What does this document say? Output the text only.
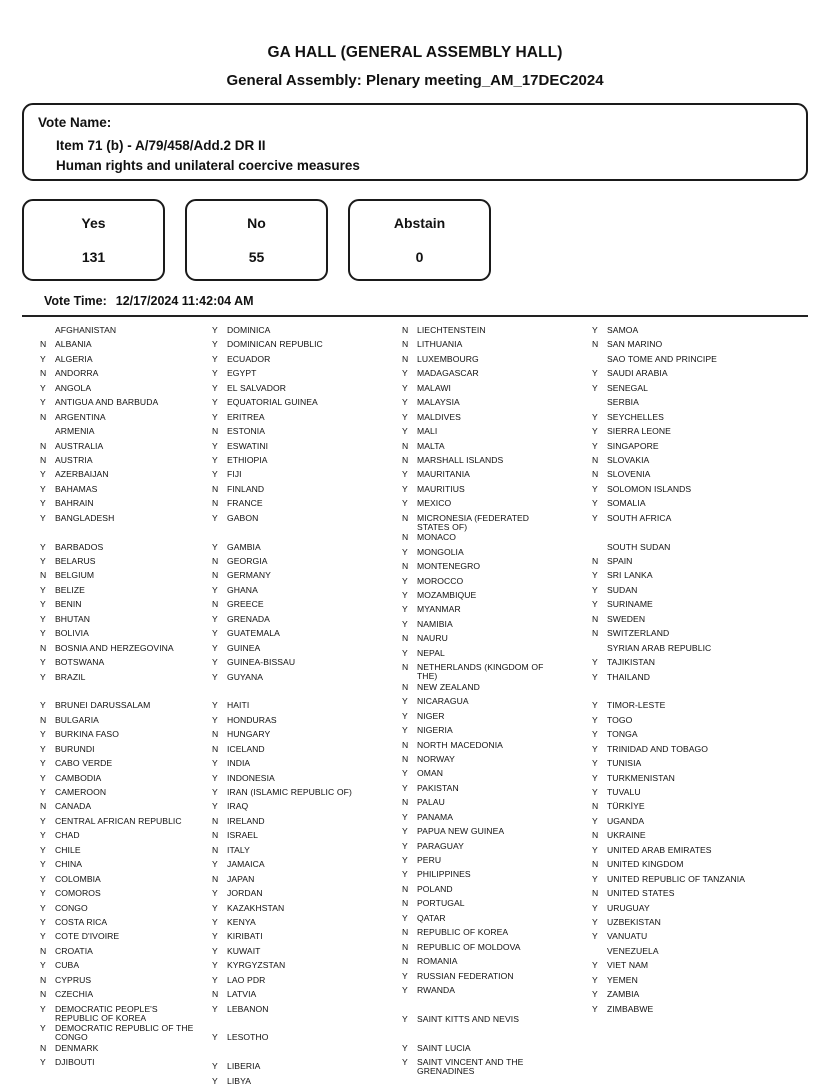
GA HALL (GENERAL ASSEMBLY HALL)
General Assembly: Plenary meeting_AM_17DEC2024
Vote Name:
Item 71 (b) - A/79/458/Add.2 DR II
Human rights and unilateral coercive measures
Yes
131
No
55
Abstain
0
Vote Time: 12/17/2024 11:42:04 AM
AFGHANISTAN
N	ALBANIA
Y	ALGERIA
N	ANDORRA
Y	ANGOLA
Y	ANTIGUA AND BARBUDA
N	ARGENTINA
ARMENIA
N	AUSTRALIA
N	AUSTRIA
Y	AZERBAIJAN
Y	BAHAMAS
Y	BAHRAIN
Y	BANGLADESH
Y	BARBADOS
Y	BELARUS
N	BELGIUM
Y	BELIZE
Y	BENIN
Y	BHUTAN
Y	BOLIVIA
N	BOSNIA AND HERZEGOVINA
Y	BOTSWANA
Y	BRAZIL
Y	BRUNEI DARUSSALAM
N	BULGARIA
Y	BURKINA FASO
Y	BURUNDI
Y	CABO VERDE
Y	CAMBODIA
Y	CAMEROON
N	CANADA
Y	CENTRAL AFRICAN REPUBLIC
Y	CHAD
Y	CHILE
Y	CHINA
Y	COLOMBIA
Y	COMOROS
Y	CONGO
Y	COSTA RICA
Y	COTE D'IVOIRE
N	CROATIA
Y	CUBA
N	CYPRUS
N	CZECHIA
Y	DEMOCRATIC PEOPLE'S
REPUBLIC OF KOREA
Y	DEMOCRATIC REPUBLIC OF THE
CONGO
N	DENMARK
Y	DJIBOUTI
Y	DOMINICA
Y	DOMINICAN REPUBLIC
Y	ECUADOR
Y	EGYPT
Y	EL SALVADOR
Y	EQUATORIAL GUINEA
Y	ERITREA
N	ESTONIA
Y	ESWATINI
Y	ETHIOPIA
Y	FIJI
N	FINLAND
N	FRANCE
Y	GABON
Y	GAMBIA
N	GEORGIA
N	GERMANY
Y	GHANA
N	GREECE
Y	GRENADA
Y	GUATEMALA
Y	GUINEA
Y	GUINEA-BISSAU
Y	GUYANA
Y	HAITI
Y	HONDURAS
N	HUNGARY
N	ICELAND
Y	INDIA
Y	INDONESIA
Y	IRAN (ISLAMIC REPUBLIC OF)
Y	IRAQ
N	IRELAND
N	ISRAEL
N	ITALY
Y	JAMAICA
N	JAPAN
Y	JORDAN
Y	KAZAKHSTAN
Y	KENYA
Y	KIRIBATI
Y	KUWAIT
Y	KYRGYZSTAN
Y	LAO PDR
N	LATVIA
Y	LEBANON
Y	LESOTHO
Y	LIBERIA
Y	LIBYA
N	LIECHTENSTEIN
N	LITHUANIA
N	LUXEMBOURG
Y	MADAGASCAR
Y	MALAWI
Y	MALAYSIA
Y	MALDIVES
Y	MALI
N	MALTA
N	MARSHALL ISLANDS
Y	MAURITANIA
Y	MAURITIUS
Y	MEXICO
N	MICRONESIA (FEDERATED
STATES OF)
N	MONACO
Y	MONGOLIA
N	MONTENEGRO
Y	MOROCCO
Y	MOZAMBIQUE
Y	MYANMAR
Y	NAMIBIA
N	NAURU
Y	NEPAL
N	NETHERLANDS (KINGDOM OF
THE)
N	NEW ZEALAND
Y	NICARAGUA
Y	NIGER
Y	NIGERIA
N	NORTH MACEDONIA
N	NORWAY
Y	OMAN
Y	PAKISTAN
N	PALAU
Y	PANAMA
Y	PAPUA NEW GUINEA
Y	PARAGUAY
Y	PERU
Y	PHILIPPINES
N	POLAND
N	PORTUGAL
Y	QATAR
N	REPUBLIC OF KOREA
N	REPUBLIC OF MOLDOVA
N	ROMANIA
Y	RUSSIAN FEDERATION
Y	RWANDA
Y	SAINT KITTS AND NEVIS
Y	SAINT LUCIA
Y	SAINT VINCENT AND THE
GRENADINES
Y	SAMOA
N	SAN MARINO
SAO TOME AND PRINCIPE
Y	SAUDI ARABIA
Y	SENEGAL
SERBIA
Y	SEYCHELLES
Y	SIERRA LEONE
Y	SINGAPORE
N	SLOVAKIA
N	SLOVENIA
Y	SOLOMON ISLANDS
Y	SOMALIA
Y	SOUTH AFRICA
SOUTH SUDAN
N	SPAIN
Y	SRI LANKA
Y	SUDAN
Y	SURINAME
N	SWEDEN
N	SWITZERLAND
SYRIAN ARAB REPUBLIC
Y	TAJIKISTAN
Y	THAILAND
Y	TIMOR-LESTE
Y	TOGO
Y	TONGA
Y	TRINIDAD AND TOBAGO
Y	TUNISIA
Y	TURKMENISTAN
Y	TUVALU
N	TÜRKİYE
Y	UGANDA
N	UKRAINE
Y	UNITED ARAB EMIRATES
N	UNITED KINGDOM
Y	UNITED REPUBLIC OF TANZANIA
N	UNITED STATES
Y	URUGUAY
Y	UZBEKISTAN
Y	VANUATU
VENEZUELA
Y	VIET NAM
Y	YEMEN
Y	ZAMBIA
Y	ZIMBABWE
